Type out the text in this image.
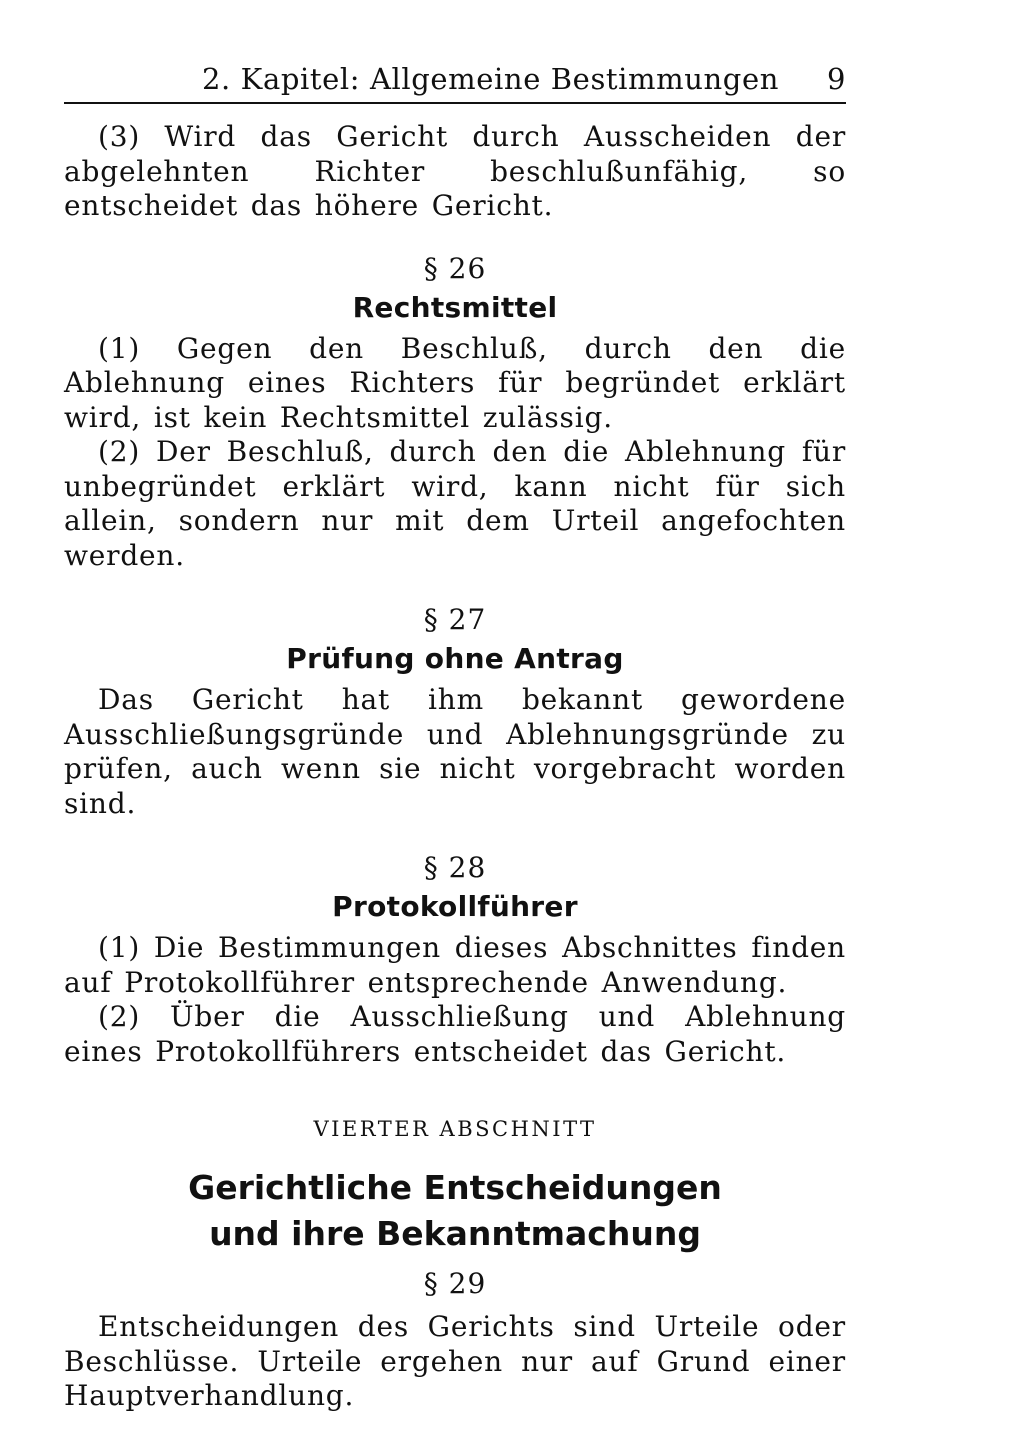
2. Kapitel: Allgemeine Bestimmungen 9

(3) Wird das Gericht durch Ausscheiden der abgelehnten Richter beschlußunfähig, so entscheidet das höhere Gericht.

§ 26

Rechtsmittel

(1) Gegen den Beschluß, durch den die Ablehnung eines Richters für begründet erklärt wird, ist kein Rechtsmittel zulässig.

(2) Der Beschluß, durch den die Ablehnung für unbegründet erklärt wird, kann nicht für sich allein, sondern nur mit dem Urteil angefochten werden.

§ 27

Prüfung ohne Antrag

Das Gericht hat ihm bekannt gewordene Ausschließungsgründe und Ablehnungsgründe zu prüfen, auch wenn sie nicht vorgebracht worden sind.

§ 28

Protokollführer

(1) Die Bestimmungen dieses Abschnittes finden auf Protokollführer entsprechende Anwendung.

(2) Über die Ausschließung und Ablehnung eines Protokollführers entscheidet das Gericht.

VIERTER ABSCHNITT

Gerichtliche Entscheidungen

und ihre Bekanntmachung

§ 29

Entscheidungen des Gerichts sind Urteile oder Beschlüsse. Urteile ergehen nur auf Grund einer Hauptverhandlung.
